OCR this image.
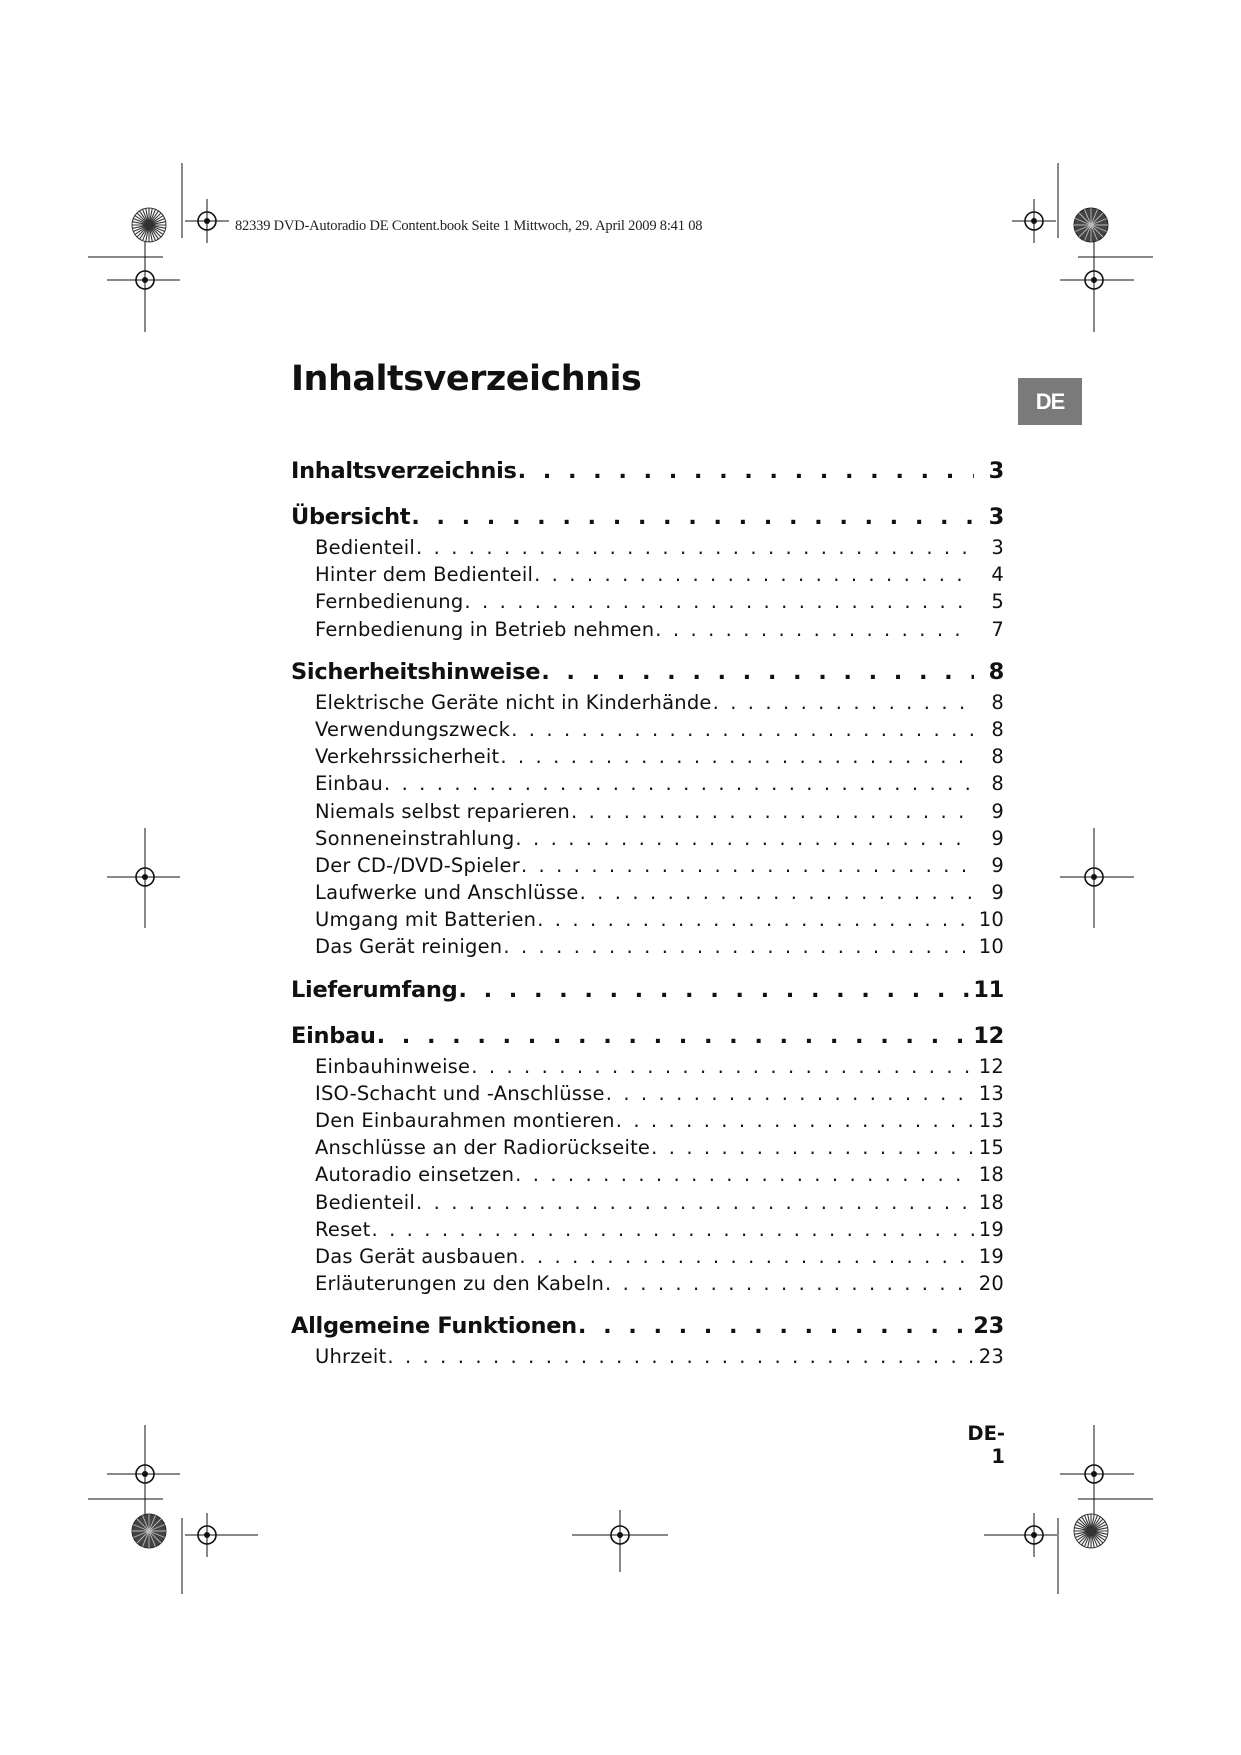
82339 DVD-Autoradio DE Content.book Seite 1 Mittwoch, 29. April 2009 8:41 08
Inhaltsverzeichnis
DE
Inhaltsverzeichnis . . .	3
Übersicht . . .	3
Bedienteil . . .	3
Hinter dem Bedienteil . . .	4
Fernbedienung . . .	5
Fernbedienung in Betrieb nehmen . . .	7
Sicherheitshinweise . . .	8
Elektrische Geräte nicht in Kinderhände . . .	8
Verwendungszweck . . .	8
Verkehrssicherheit . . .	8
Einbau . . .	8
Niemals selbst reparieren . . .	9
Sonneneinstrahlung . . .	9
Der CD-/DVD-Spieler . . .	9
Laufwerke und Anschlüsse . . .	9
Umgang mit Batterien . . .	10
Das Gerät reinigen . . .	10
Lieferumfang . . .	11
Einbau . . .	12
Einbauhinweise . . .	12
ISO-Schacht und -Anschlüsse . . .	13
Den Einbaurahmen montieren . . .	13
Anschlüsse an der Radiorückseite . . .	15
Autoradio einsetzen . . .	18
Bedienteil . . .	18
Reset . . .	19
Das Gerät ausbauen . . .	19
Erläuterungen zu den Kabeln . . .	20
Allgemeine Funktionen . . .	23
Uhrzeit . . .	23
DE-1
